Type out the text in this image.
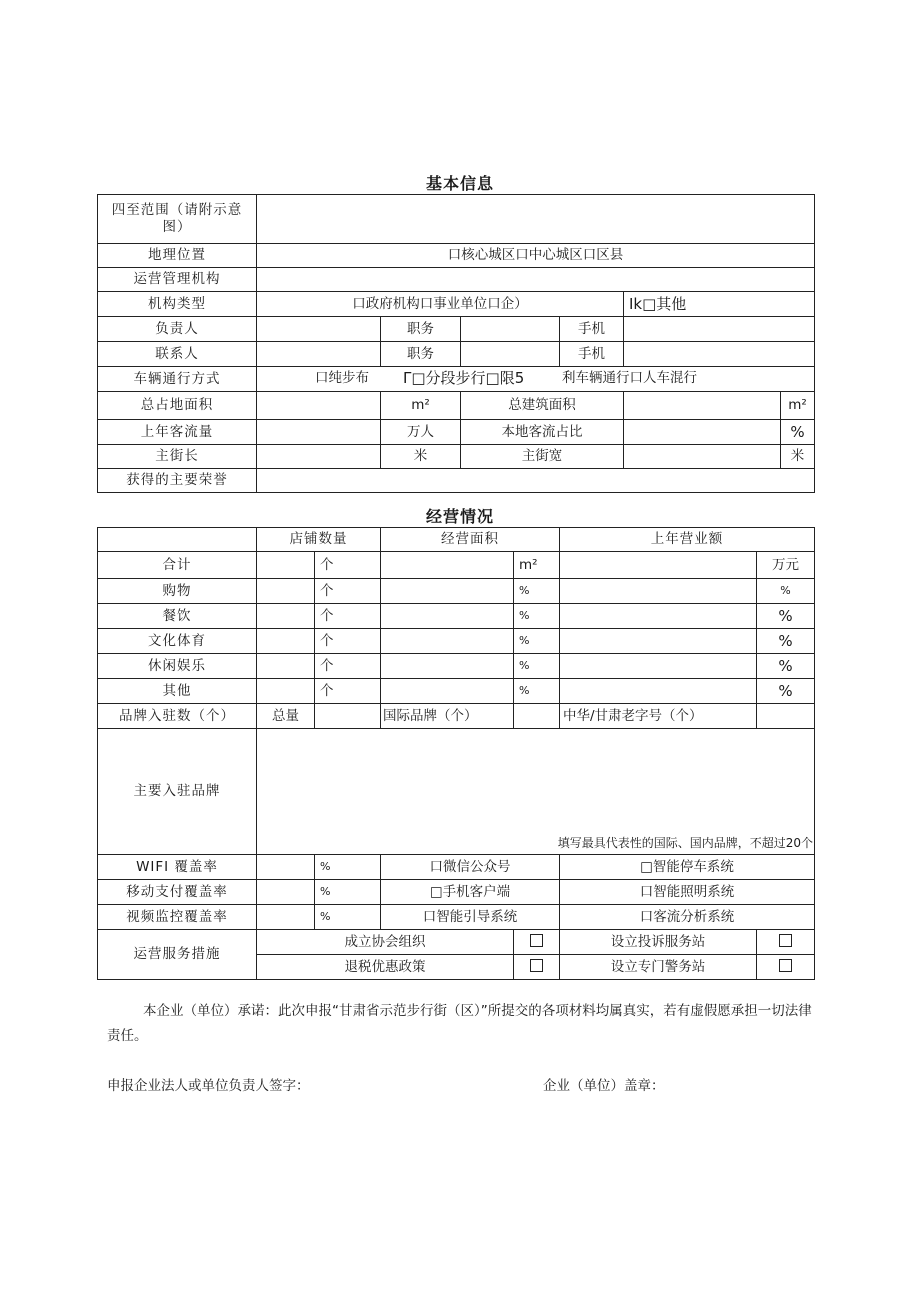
基本信息
四至范围（请附示意图）						
地理位置	口核心城区口中心城区口区县					
运营管理机构						
机构类型	口政府机构口事业单位口企）				Ik□其他	
负责人		职务		手机		
联系人		职务		手机		
车辆通行方式	口纯步布 Γ□分段步行□限5 利车辆通行口人车混行					

总占地面积		m²	总建筑面积			m²
上年客流量		万人	本地客流占比			%
主街长		米	主街宽			米
获得的主要荣誉						
经营情况
	店铺数量		经营面积		上年营业额	
合计		个		m²		万元
购物		个		%		%
餐饮		个		%		%
文化体育		个		%		%
休闲娱乐		个		%		%
其他		个		%		%
品牌入驻数（个）	总量		国际品牌（个）		中华/甘肃老字号（个）	
主要入驻品牌	填写最具代表性的国际、国内品牌，不超过20个					

WIFI 覆盖率		%	口微信公众号		□智能停车系统	
移动支付覆盖率		%	□手机客户端		口智能照明系统	
视频监控覆盖率		%	口智能引导系统		口客流分析系统	
运营服务措施	成立协会组织				设立投诉服务站	
	退税优惠政策				设立专门警务站	

本企业（单位）承诺：此次申报“甘肃省示范步行街（区）”所提交的各项材料均属真实，若有虚假愿承担一切法律责任。

申报企业法人或单位负责人签字：	企业（单位）盖章：
